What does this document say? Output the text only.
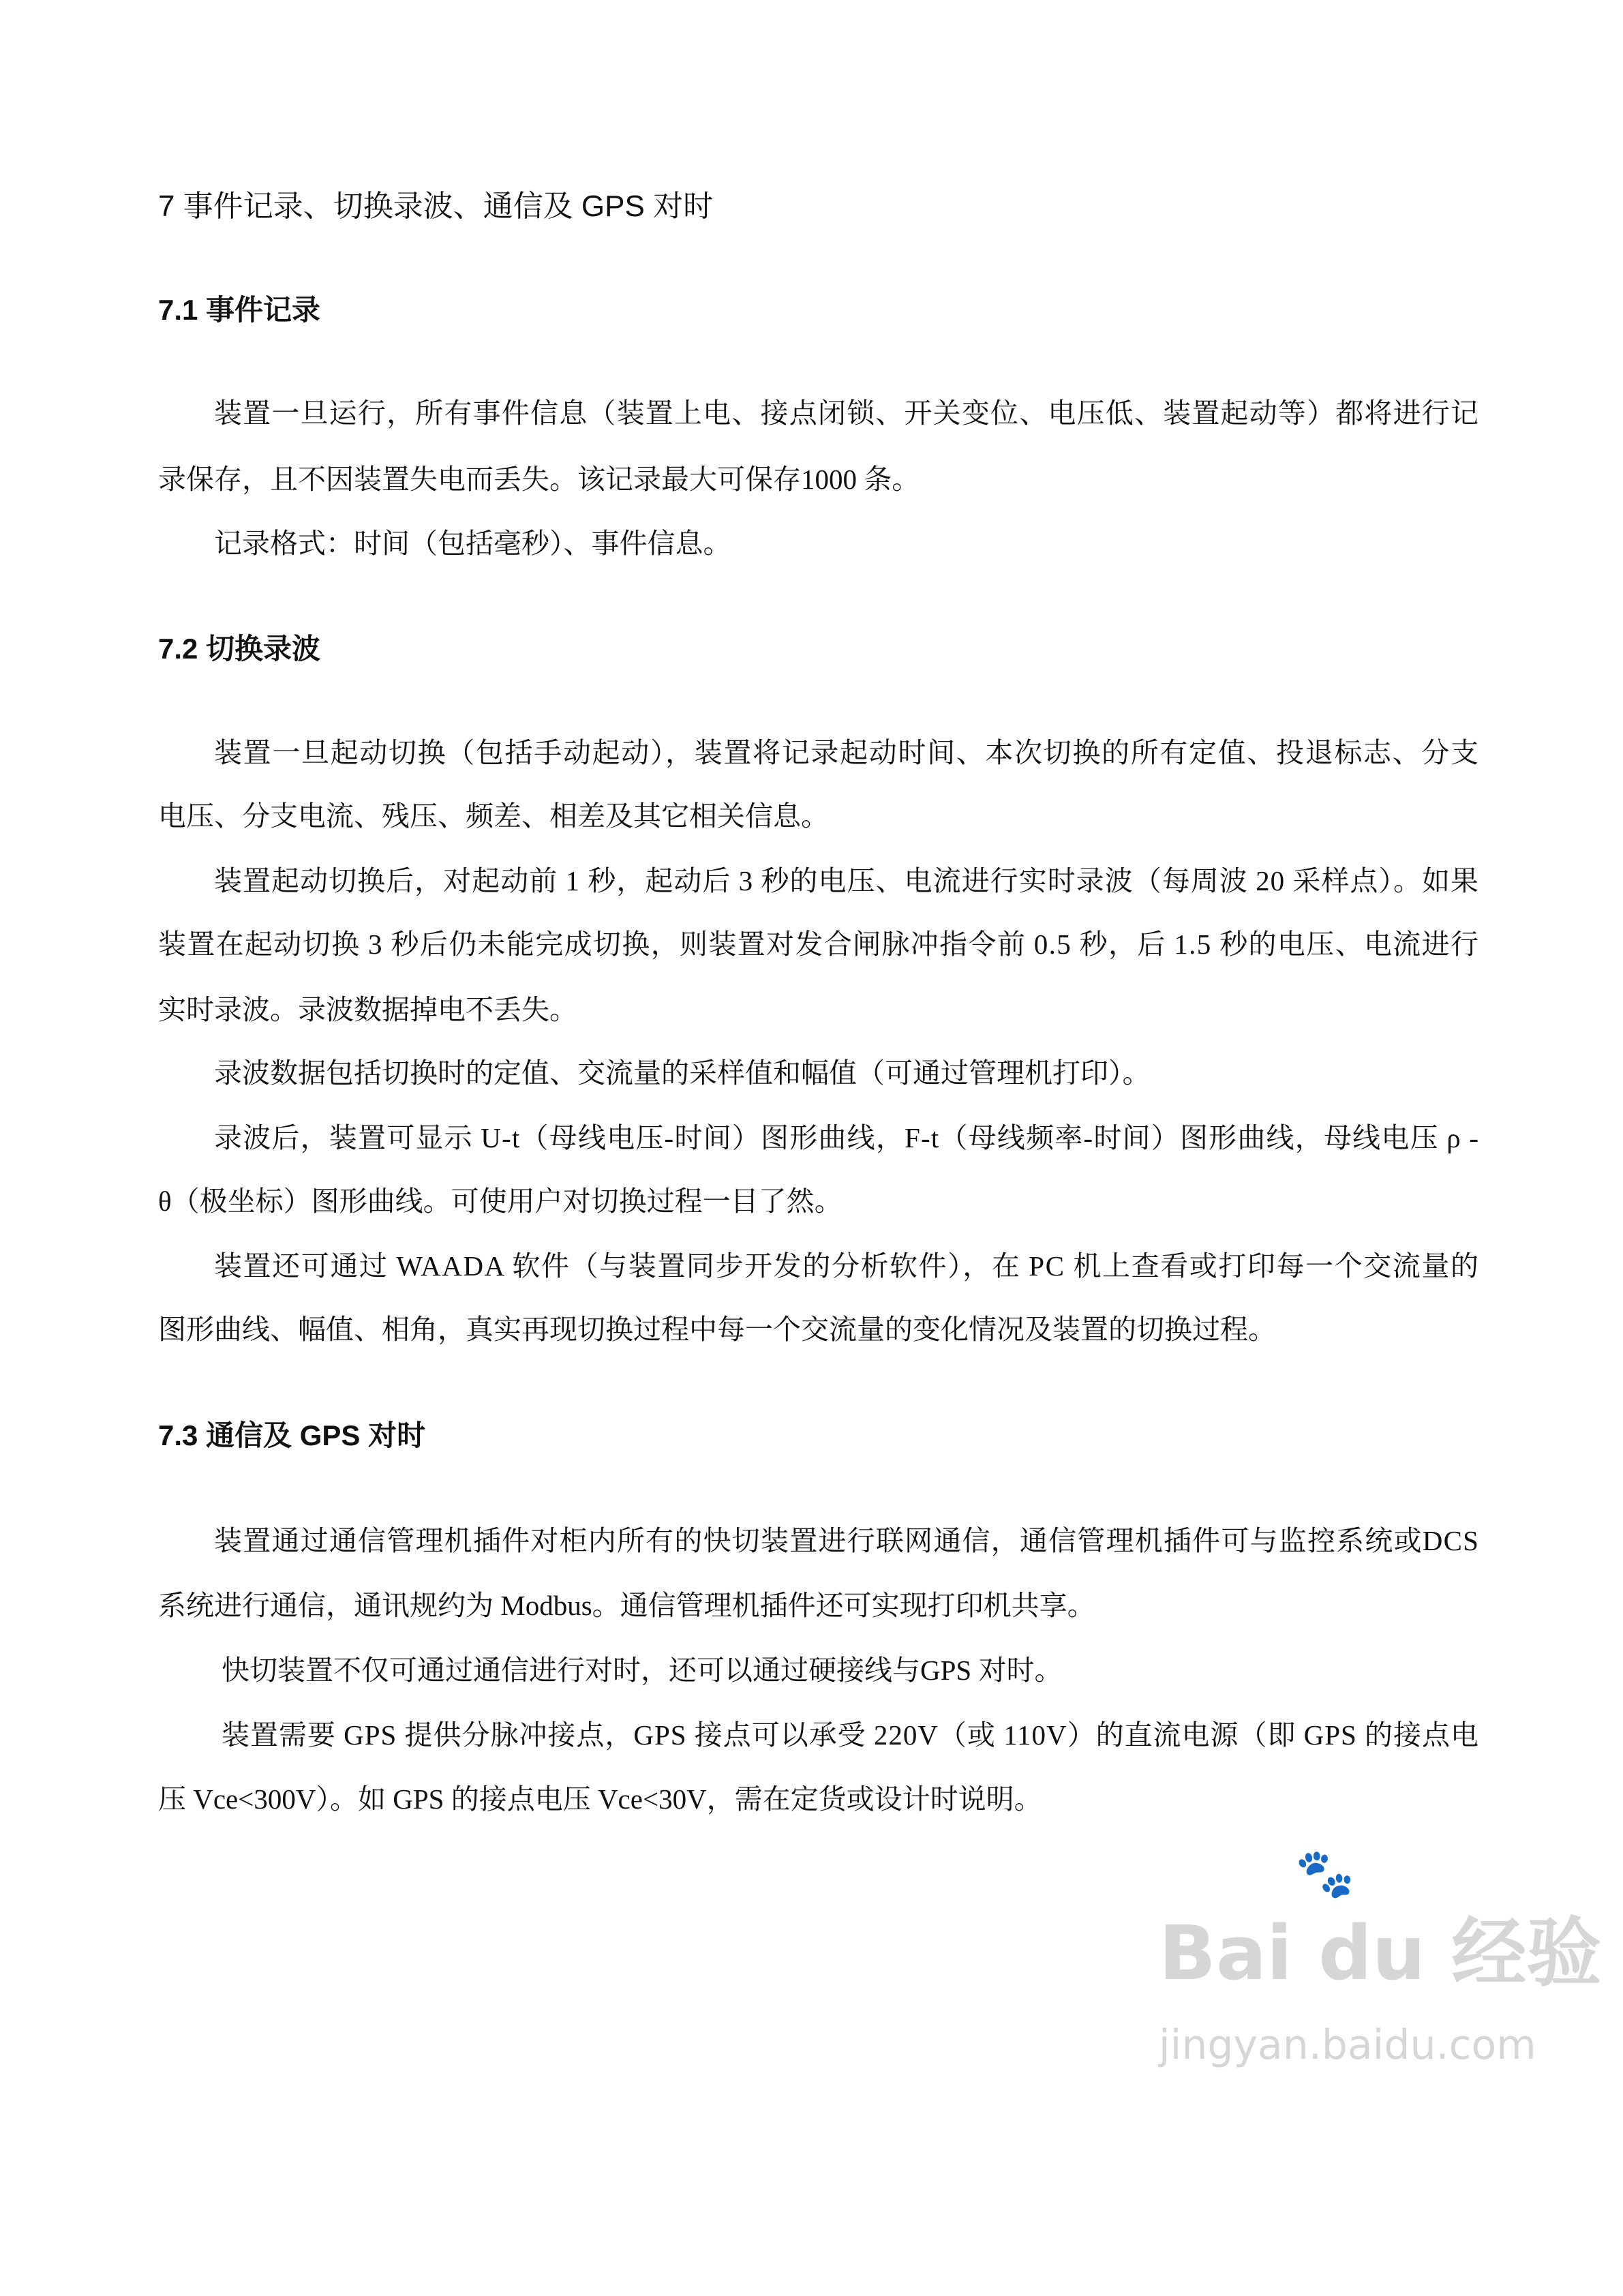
7 事件记录、切换录波、通信及 GPS 对时
7.1 事件记录
装置一旦运行，所有事件信息（装置上电、接点闭锁、开关变位、电压低、装置起动等）都将进行记
录保存，且不因装置失电而丢失。该记录最大可保存1000 条。
记录格式：时间（包括毫秒）、事件信息。
7.2 切换录波
装置一旦起动切换（包括手动起动），装置将记录起动时间、本次切换的所有定值、投退标志、分支
电压、分支电流、残压、频差、相差及其它相关信息。
装置起动切换后，对起动前 1 秒，起动后 3 秒的电压、电流进行实时录波（每周波 20 采样点）。如果
装置在起动切换 3 秒后仍未能完成切换，则装置对发合闸脉冲指令前 0.5 秒，后 1.5 秒的电压、电流进行
实时录波。录波数据掉电不丢失。
录波数据包括切换时的定值、交流量的采样值和幅值（可通过管理机打印）。
录波后，装置可显示 U-t（母线电压-时间）图形曲线，F-t（母线频率-时间）图形曲线，母线电压 ρ -
θ（极坐标）图形曲线。可使用户对切换过程一目了然。
装置还可通过 WAADA 软件（与装置同步开发的分析软件），在 PC 机上查看或打印每一个交流量的
图形曲线、幅值、相角，真实再现切换过程中每一个交流量的变化情况及装置的切换过程。
7.3 通信及 GPS 对时
装置通过通信管理机插件对柜内所有的快切装置进行联网通信，通信管理机插件可与监控系统或DCS
系统进行通信，通讯规约为 Modbus。通信管理机插件还可实现打印机共享。
快切装置不仅可通过通信进行对时，还可以通过硬接线与GPS 对时。
装置需要 GPS 提供分脉冲接点，GPS 接点可以承受 220V（或 110V）的直流电源（即 GPS 的接点电
压 Vce<300V）。如 GPS 的接点电压 Vce<30V，需在定货或设计时说明。
🐾
Bai du 经验
jingyan.baidu.com
